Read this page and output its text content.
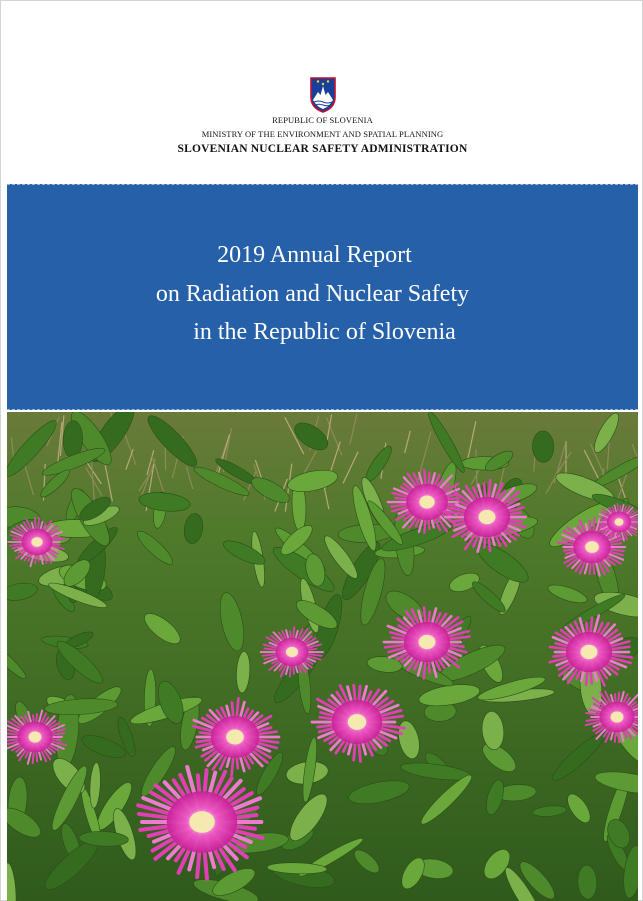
REPUBLIC OF SLOVENIA
MINISTRY OF THE ENVIRONMENT AND SPATIAL PLANNING
SLOVENIAN NUCLEAR SAFETY ADMINISTRATION
2019 Annual Report
on Radiation and Nuclear Safety
in the Republic of Slovenia
